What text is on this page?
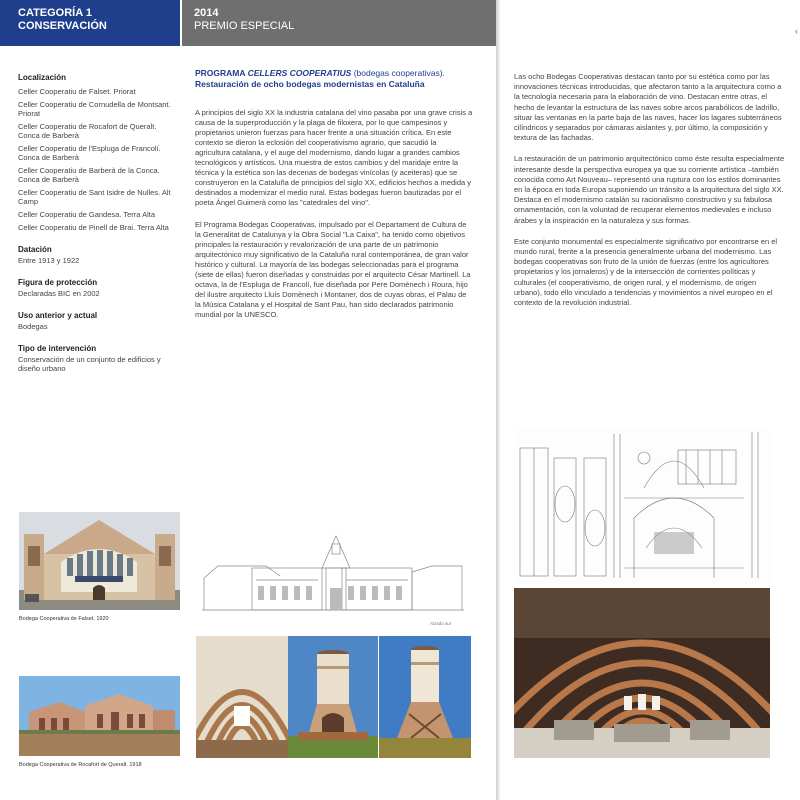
CATEGORÍA 1
CONSERVACIÓN
2014
PREMIO ESPECIAL
Localización
Celler Cooperatiu de Falset. Priorat
Celler Cooperatiu de Cornudella de Montsant. Priorat
Celler Cooperatiu de Rocafort de Queralt. Conca de Barberà
Celler Cooperatiu de l'Espluga de Francolí. Conca de Barberà
Celler Cooperatiu de Barberà de la Conca. Conca de Barberà
Celler Cooperatiu de Sant Isidre de Nulles. Alt Camp
Celler Cooperatiu de Gandesa. Terra Alta
Celler Cooperatiu de Pinell de Brai. Terra Alta
Datación
Entre 1913 y 1922
Figura de protección
Declaradas BIC en 2002
Uso anterior y actual
Bodegas
Tipo de intervención
Conservación de un conjunto de edificios y diseño urbano
PROGRAMA CELLERS COOPERATIUS (bodegas cooperativas).
Restauración de ocho bodegas modernistas en Cataluña

A principios del siglo XX la industria catalana del vino pasaba por una grave crisis a causa de la superproducción y la plaga de filoxera, por lo que campesinos y propietarios unieron fuerzas para hacer frente a una situación crítica. En este contexto se dieron la eclosión del cooperativismo agrario, que sacudió la agricultura catalana, y el auge del modernismo, dando lugar a grandes cambios tecnológicos y artísticos. Una muestra de estos cambios y del maridaje entre la técnica y la estética son las decenas de bodegas vinícolas (y aceiteras) que se construyeron en la Cataluña de principios del siglo XX, edificios hechos a medida y destinados a modernizar el medio rural. Estas bodegas fueron bautizadas por el poeta Àngel Guimerà como las "catedrales del vino".

El Programa Bodegas Cooperativas, impulsado por el Departament de Cultura de la Generalitat de Catalunya y la Obra Social "La Caixa", ha tenido como objetivos principales la restauración y revalorización de una parte de un patrimonio arquitectónico muy significativo de la Cataluña rural contemporánea, de gran valor histórico y cultural. La mayoría de las bodegas seleccionadas para el programa (siete de ellas) fueron diseñadas y construidas por el arquitecto César Martinell. La octava, la de l'Espluga de Francolí, fue diseñada por Pere Domènech i Roura, hijo del ilustre arquitecto Lluís Domènech i Montaner, dos de cuyas obras, el Palau de la Música Catalana y el Hospital de Sant Pau, han sido declarados patrimonio mundial por la UNESCO.

Bodega Cooperativa de Falset. 1920
Alzado sur
Bodega Cooperativa de Rocafort de Queralt. 1918
‹

Las ocho Bodegas Cooperativas destacan tanto por su estética como por las innovaciones técnicas introducidas, que afectaron tanto a la arquitectura como a la tecnología necesaria para la elaboración de vino. Destacan entre otras, el hecho de levantar la estructura de las naves sobre arcos parabólicos de ladrillo, situar las ventanas en la parte baja de las naves, hacer los lagares subterráneos cilíndricos y separados por cámaras aislantes y, por último, la composición y textura de las fachadas.

La restauración de un patrimonio arquitectónico como éste resulta especialmente interesante desde la perspectiva europea ya que su corriente artística –también conocida como Art Nouveau– representó una ruptura con los estilos dominantes en la época en toda Europa suponiendo un tránsito a la arquitectura del siglo XX. Destaca en el modernismo catalán su racionalismo constructivo y su fabulosa ornamentación, con la voluntad de recuperar elementos medievales e incluso árabes y la inspiración en la naturaleza y sus formas.

Este conjunto monumental es especialmente significativo por encontrarse en el mundo rural, frente a la presencia generalmente urbana del modernismo. Las bodegas cooperativas son fruto de la unión de fuerzas (entre los agricultores propietarios y los jornaleros) y de la intersección de corrientes políticas y culturales (el cooperativismo, de origen rural, y el modernismo, de origen urbano), todo ello vinculado a tendencias y movimientos a nivel europeo en el contexto de la revolución industrial.
